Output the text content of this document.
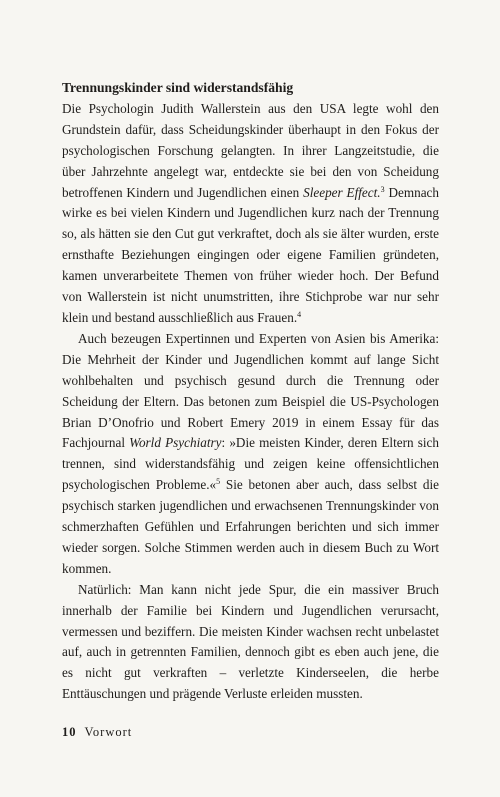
Trennungskinder sind widerstandsfähig

Die Psychologin Judith Wallerstein aus den USA legte wohl den Grundstein dafür, dass Scheidungskinder überhaupt in den Fokus der psychologischen Forschung gelangten. In ihrer Langzeitstudie, die über Jahrzehnte angelegt war, entdeckte sie bei den von Scheidung betroffenen Kindern und Jugendlichen einen Sleeper Effect.$^3$ Demnach wirke es bei vielen Kindern und Jugendlichen kurz nach der Trennung so, als hätten sie den Cut gut verkraftet, doch als sie älter wurden, erste ernsthafte Beziehungen eingingen oder eigene Familien gründeten, kamen unverarbeitete Themen von früher wieder hoch. Der Befund von Wallerstein ist nicht unumstritten, ihre Stichprobe war nur sehr klein und bestand ausschließlich aus Frauen.$^4$

Auch bezeugen Expertinnen und Experten von Asien bis Amerika: Die Mehrheit der Kinder und Jugendlichen kommt auf lange Sicht wohlbehalten und psychisch gesund durch die Trennung oder Scheidung der Eltern. Das betonen zum Beispiel die US-Psychologen Brian D’Onofrio und Robert Emery 2019 in einem Essay für das Fachjournal World Psychiatry: »Die meisten Kinder, deren Eltern sich trennen, sind widerstandsfähig und zeigen keine offensichtlichen psychologischen Probleme.«$^5$ Sie betonen aber auch, dass selbst die psychisch starken jugendlichen und erwachsenen Trennungskinder von schmerzhaften Gefühlen und Erfahrungen berichten und sich immer wieder sorgen. Solche Stimmen werden auch in diesem Buch zu Wort kommen.

Natürlich: Man kann nicht jede Spur, die ein massiver Bruch innerhalb der Familie bei Kindern und Jugendlichen verursacht, vermessen und beziffern. Die meisten Kinder wachsen recht unbelastet auf, auch in getrennten Familien, dennoch gibt es eben auch jene, die es nicht gut verkraften – verletzte Kinderseelen, die herbe Enttäuschungen und prägende Verluste erleiden mussten.

10 Vorwort
